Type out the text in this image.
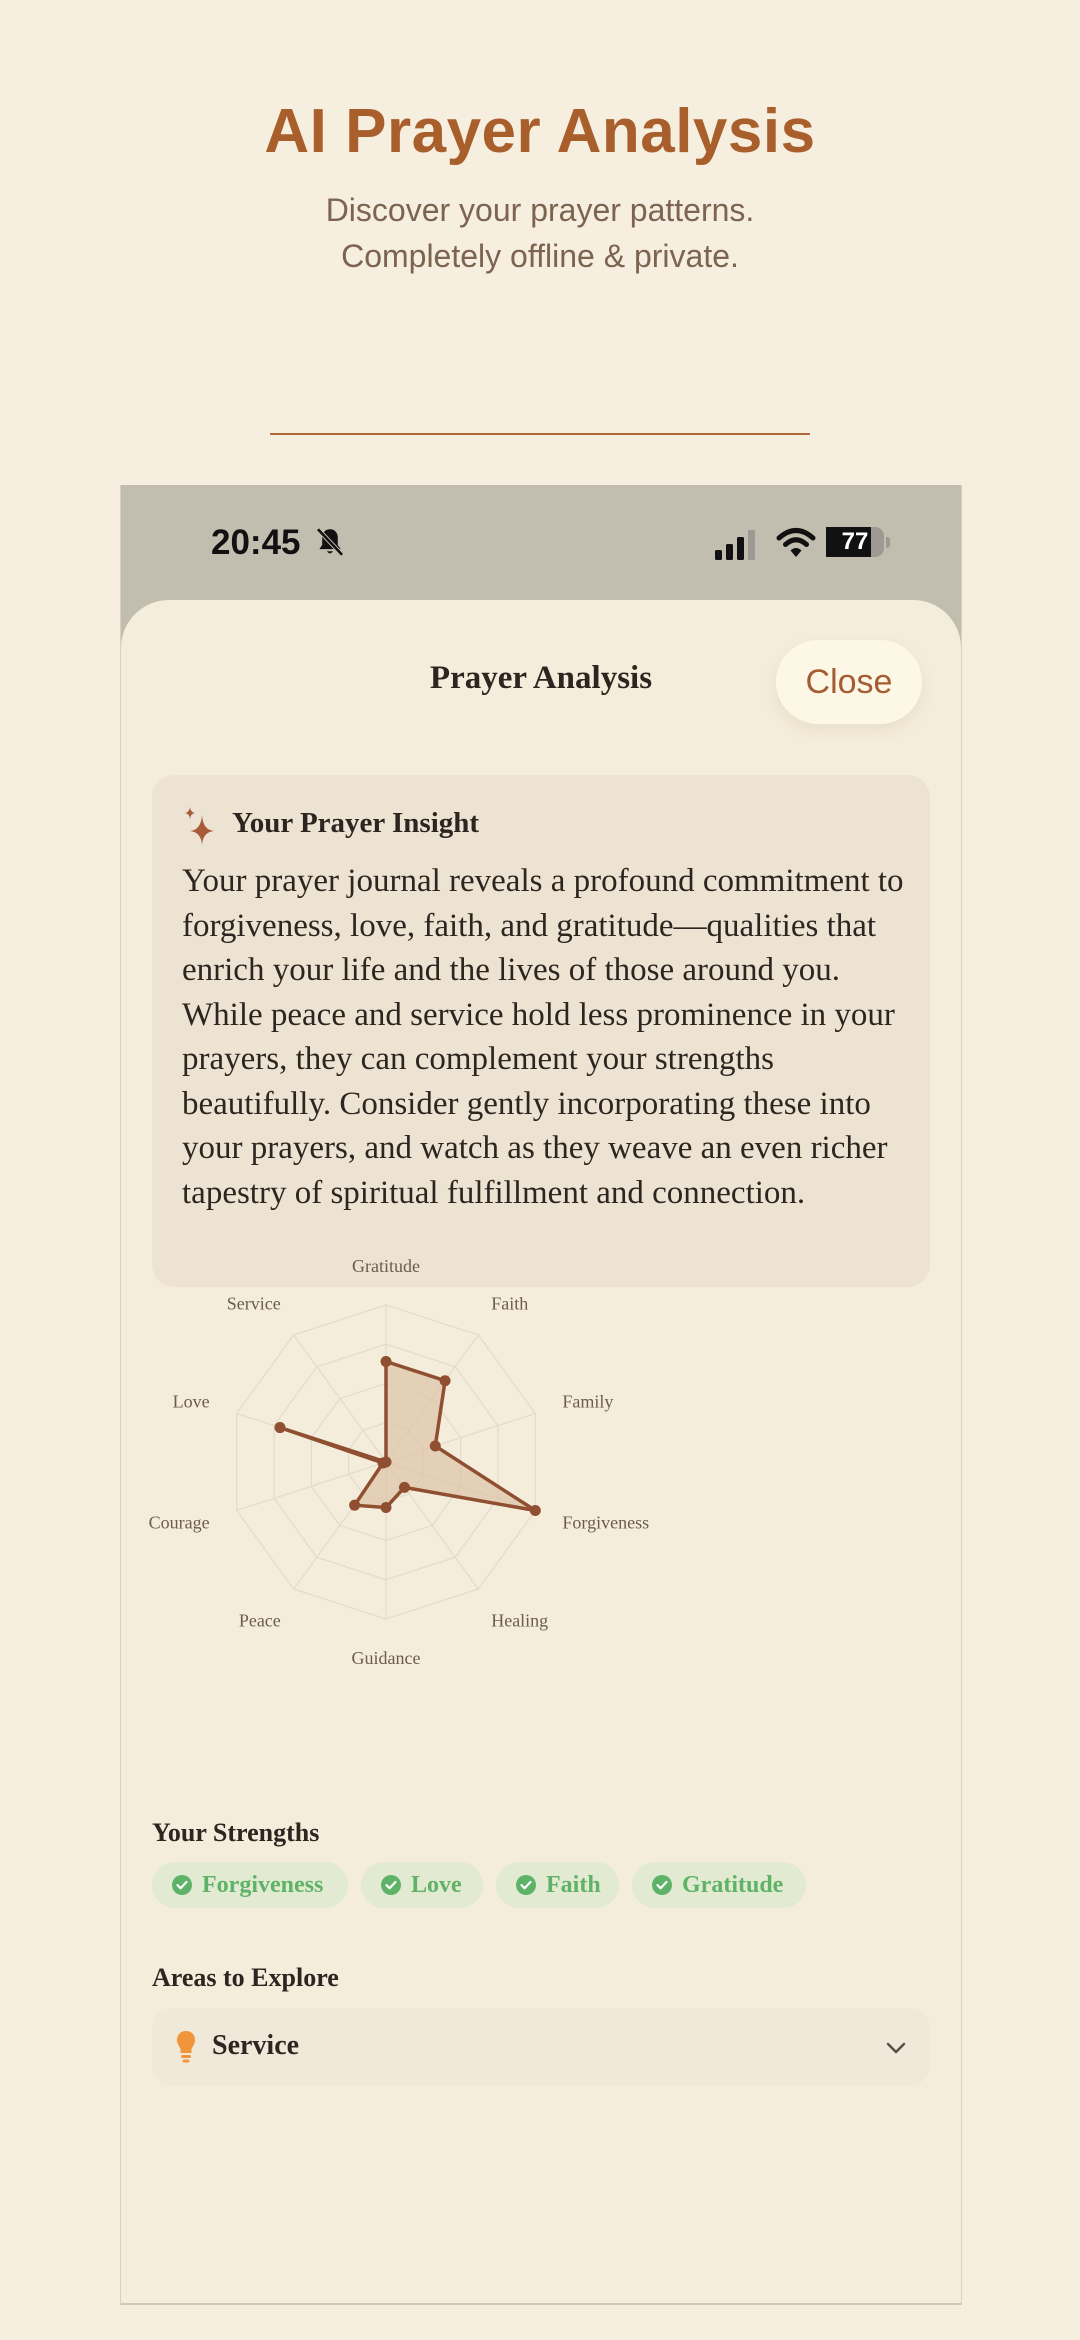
AI Prayer Analysis
Discover your prayer patterns.
Completely offline & private.
20:45	77
Prayer Analysis	Close
Your Prayer Insight
Your prayer journal reveals a profound commitment to forgiveness, love, faith, and gratitude—qualities that enrich your life and the lives of those around you. While peace and service hold less prominence in your prayers, they can complement your strengths beautifully. Consider gently incorporating these into your prayers, and watch as they weave an even richer tapestry of spiritual fulfillment and connection.
Gratitude
Faith
Family
Forgiveness
Healing
Guidance
Peace
Courage
Love
Service
Your Strengths
Forgiveness	Love	Faith	Gratitude
Areas to Explore
Service
